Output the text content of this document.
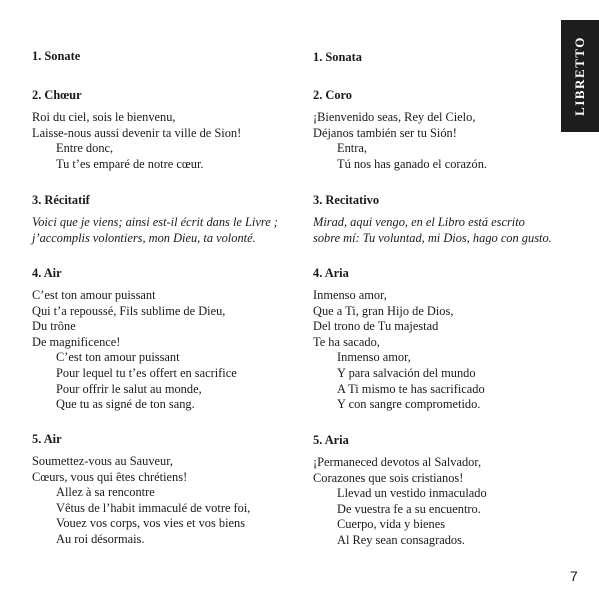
LIBRETTO
1. Sonate
2. Chœur
Roi du ciel, sois le bienvenu,
Laisse-nous aussi devenir ta ville de Sion!
Entre donc,
Tu t’es emparé de notre cœur.
3. Récitatif
Voici que je viens; ainsi est-il écrit dans le Livre ;
j’accomplis volontiers, mon Dieu, ta volonté.
4. Air
C’est ton amour puissant
Qui t’a repoussé, Fils sublime de Dieu,
Du trône
De magnificence!
C’est ton amour puissant
Pour lequel tu t’es offert en sacrifice
Pour offrir le salut au monde,
Que tu as signé de ton sang.
5. Air
Soumettez-vous au Sauveur,
Cœurs, vous qui êtes chrétiens!
Allez à sa rencontre
Vêtus de l’habit immaculé de votre foi,
Vouez vos corps, vos vies et vos biens
Au roi désormais.
1. Sonata
2. Coro
¡Bienvenido seas, Rey del Cielo,
Déjanos también ser tu Sión!
Entra,
Tú nos has ganado el corazón.
3. Recitativo
Mirad, aqui vengo, en el Libro está escrito
sobre mí: Tu voluntad, mi Dios, hago con gusto.
4. Aria
Inmenso amor,
Que a Ti, gran Hijo de Dios,
Del trono de Tu majestad
Te ha sacado,
Inmenso amor,
Y para salvación del mundo
A Ti mismo te has sacrificado
Y con sangre comprometido.
5. Aria
¡Permaneced devotos al Salvador,
Corazones que sois cristianos!
Llevad un vestido inmaculado
De vuestra fe a su encuentro.
Cuerpo, vida y bienes
Al Rey sean consagrados.
7
